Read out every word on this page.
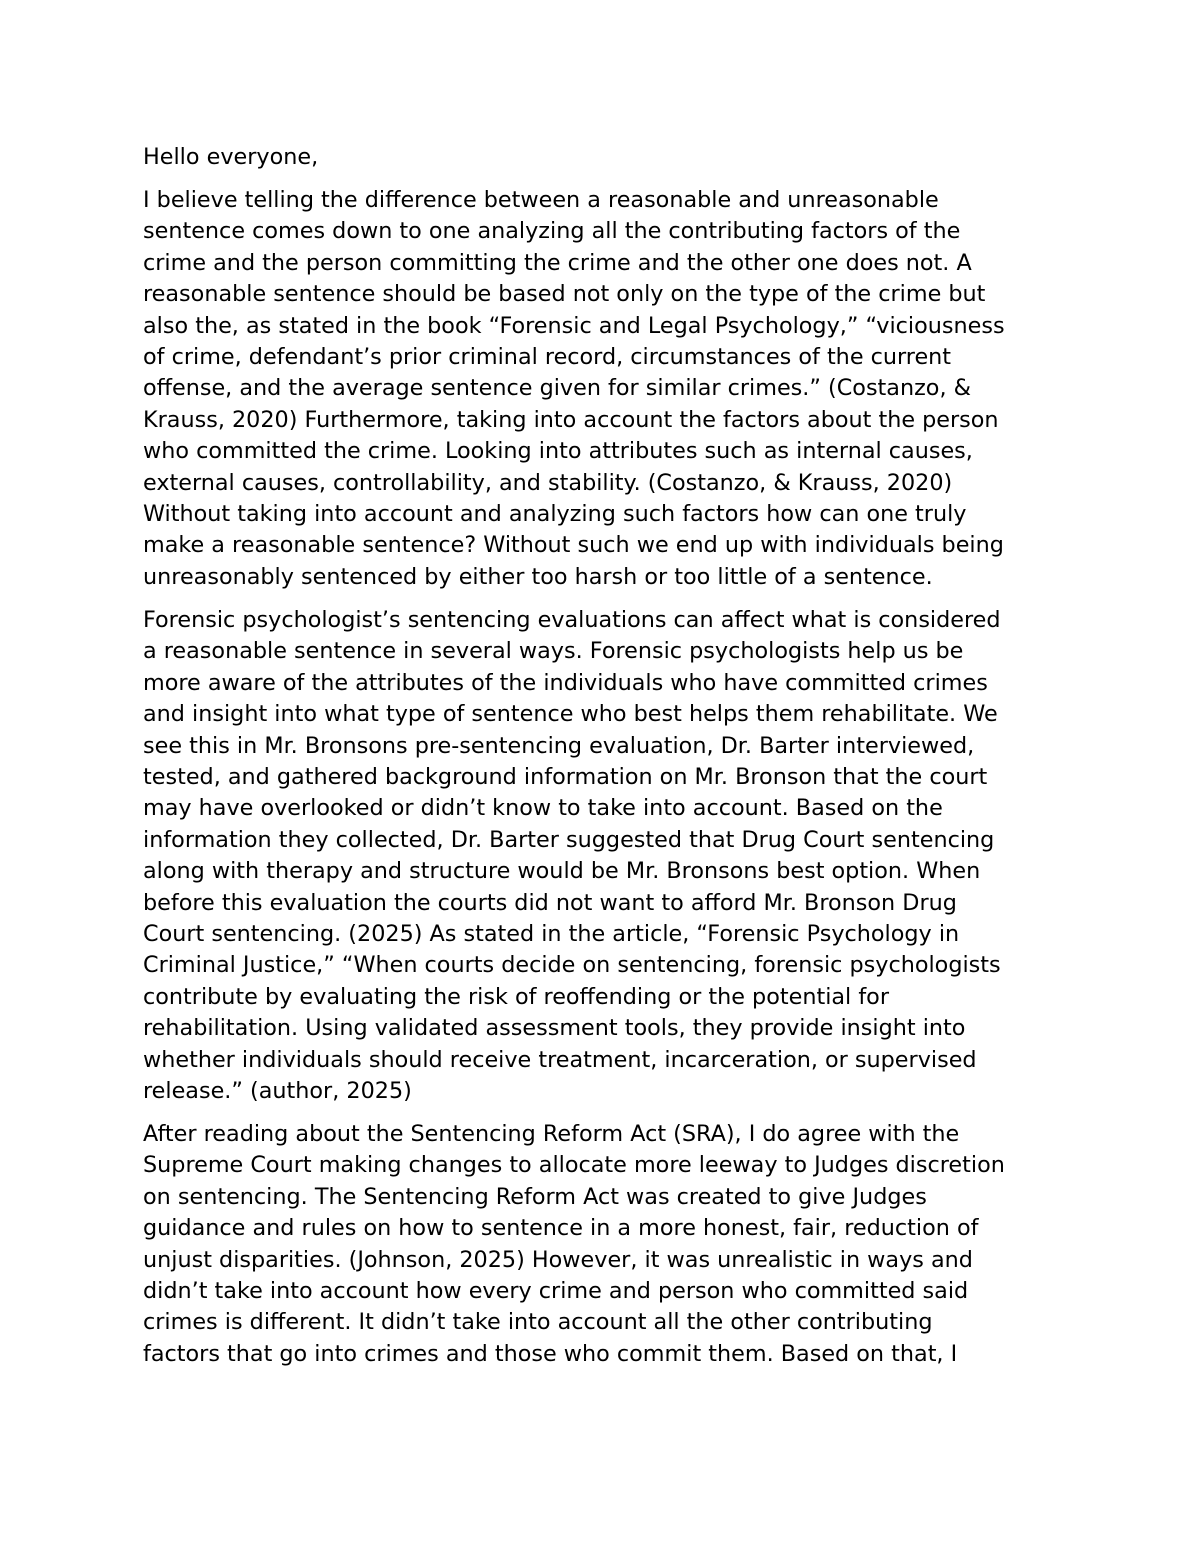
Hello everyone,

I believe telling the difference between a reasonable and unreasonable
sentence comes down to one analyzing all the contributing factors of the
crime and the person committing the crime and the other one does not. A
reasonable sentence should be based not only on the type of the crime but
also the, as stated in the book “Forensic and Legal Psychology,” “viciousness
of crime, defendant’s prior criminal record, circumstances of the current
offense, and the average sentence given for similar crimes.” (Costanzo, &
Krauss, 2020) Furthermore, taking into account the factors about the person
who committed the crime. Looking into attributes such as internal causes,
external causes, controllability, and stability. (Costanzo, & Krauss, 2020)
Without taking into account and analyzing such factors how can one truly
make a reasonable sentence? Without such we end up with individuals being
unreasonably sentenced by either too harsh or too little of a sentence.

Forensic psychologist’s sentencing evaluations can affect what is considered
a reasonable sentence in several ways. Forensic psychologists help us be
more aware of the attributes of the individuals who have committed crimes
and insight into what type of sentence who best helps them rehabilitate. We
see this in Mr. Bronsons pre-sentencing evaluation, Dr. Barter interviewed,
tested, and gathered background information on Mr. Bronson that the court
may have overlooked or didn’t know to take into account. Based on the
information they collected, Dr. Barter suggested that Drug Court sentencing
along with therapy and structure would be Mr. Bronsons best option. When
before this evaluation the courts did not want to afford Mr. Bronson Drug
Court sentencing. (2025) As stated in the article, “Forensic Psychology in
Criminal Justice,” “When courts decide on sentencing, forensic psychologists
contribute by evaluating the risk of reoffending or the potential for
rehabilitation. Using validated assessment tools, they provide insight into
whether individuals should receive treatment, incarceration, or supervised
release.” (author, 2025)

After reading about the Sentencing Reform Act (SRA), I do agree with the
Supreme Court making changes to allocate more leeway to Judges discretion
on sentencing. The Sentencing Reform Act was created to give Judges
guidance and rules on how to sentence in a more honest, fair, reduction of
unjust disparities. (Johnson, 2025) However, it was unrealistic in ways and
didn’t take into account how every crime and person who committed said
crimes is different. It didn’t take into account all the other contributing
factors that go into crimes and those who commit them. Based on that, I
